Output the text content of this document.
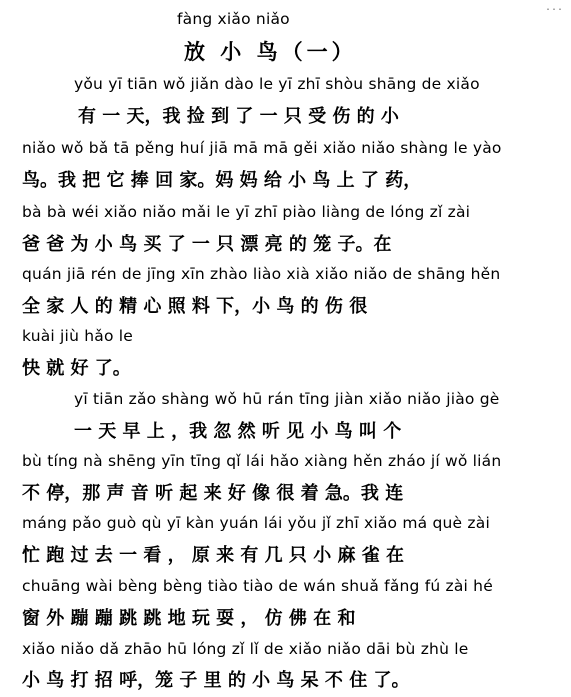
...
fàng xiǎo niǎo
放 小 鸟（一）
yǒu yī tiān wǒ jiǎn dào le yī zhī shòu shāng de xiǎo
有 一 天，我 捡 到 了 一 只 受 伤 的 小
niǎo wǒ bǎ tā pěng huí jiā mā mā gěi xiǎo niǎo shàng le yào
鸟。我 把 它 捧 回 家。妈 妈 给 小 鸟 上 了 药，
bà bà wéi xiǎo niǎo mǎi le yī zhī piào liàng de lóng zǐ zài
爸 爸 为 小 鸟 买 了 一 只 漂 亮 的 笼 子。在
quán jiā rén de jīng xīn zhào liào xià xiǎo niǎo de shāng hěn
全 家 人 的 精 心 照 料 下，小 鸟 的 伤 很
kuài jiù hǎo le
快 就 好 了。
yī tiān zǎo shàng wǒ hū rán tīng jiàn xiǎo niǎo jiào gè
一 天 早 上 ，我 忽 然 听 见 小 鸟 叫 个
bù tíng nà shēng yīn tīng qǐ lái hǎo xiàng hěn zháo jí wǒ lián
不 停，那 声 音 听 起 来 好 像 很 着 急。我 连
máng pǎo guò qù yī kàn yuán lái yǒu jǐ zhī xiǎo má què zài
忙 跑 过 去 一 看 ， 原 来 有 几 只 小 麻 雀 在
chuāng wài bèng bèng tiào tiào de wán shuǎ fǎng fú zài hé
窗 外 蹦 蹦 跳 跳 地 玩 耍 ， 仿 佛 在 和
xiǎo niǎo dǎ zhāo hū lóng zǐ lǐ de xiǎo niǎo dāi bù zhù le
小 鸟 打 招 呼，笼 子 里 的 小 鸟 呆 不 住 了。
